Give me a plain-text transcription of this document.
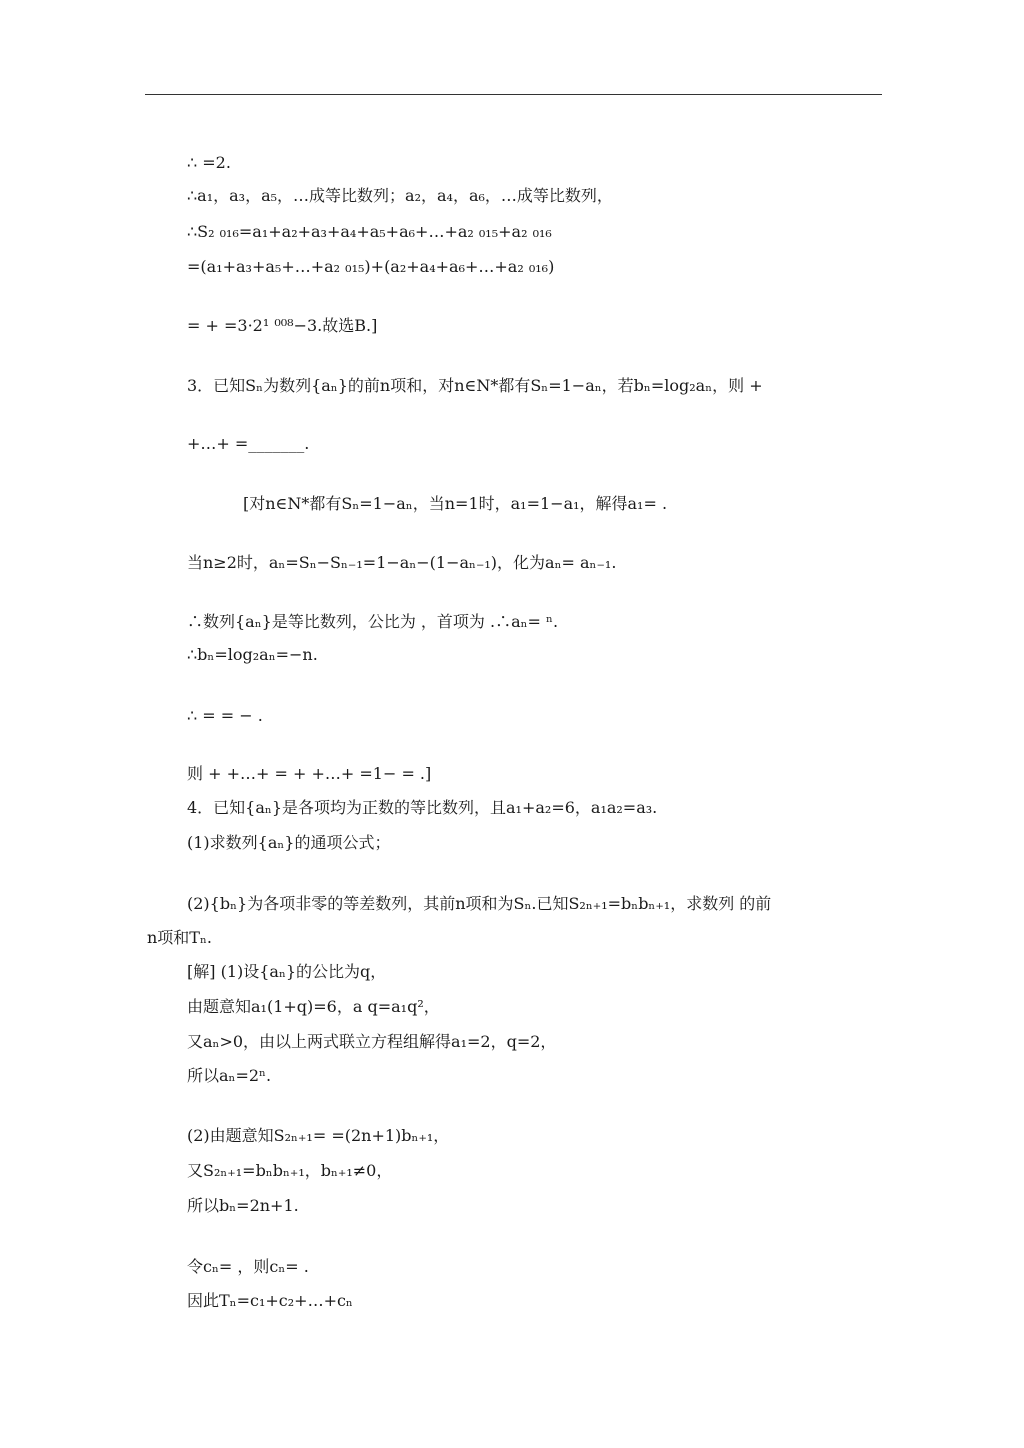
∴ =2.
∴a₁，a₃，a₅，…成等比数列；a₂，a₄，a₆，…成等比数列，
∴S₂ ₀₁₆=a₁+a₂+a₃+a₄+a₅+a₆+…+a₂ ₀₁₅+a₂ ₀₁₆
=(a₁+a₃+a₅+…+a₂ ₀₁₅)+(a₂+a₄+a₆+…+a₂ ₀₁₆)
= + =3·2¹ ⁰⁰⁸−3.故选B.]
3．已知Sₙ为数列{aₙ}的前n项和，对n∈N*都有Sₙ=1−aₙ，若bₙ=log₂aₙ，则 +
+…+ =_______.
[对n∈N*都有Sₙ=1−aₙ，当n=1时，a₁=1−a₁，解得a₁= .
当n≥2时，aₙ=Sₙ−Sₙ₋₁=1−aₙ−(1−aₙ₋₁)，化为aₙ= aₙ₋₁.
∴数列{aₙ}是等比数列，公比为 ，首项为 .∴aₙ= ⁿ.
∴bₙ=log₂aₙ=−n.
∴ = = − .
则 + +…+ = + +…+ =1− = .]
4．已知{aₙ}是各项均为正数的等比数列，且a₁+a₂=6，a₁a₂=a₃.
(1)求数列{aₙ}的通项公式；
(2){bₙ}为各项非零的等差数列，其前n项和为Sₙ.已知S₂ₙ₊₁=bₙbₙ₊₁，求数列 的前
n项和Tₙ.
[解] (1)设{aₙ}的公比为q，
由题意知a₁(1+q)=6，a q=a₁q²，
又aₙ>0，由以上两式联立方程组解得a₁=2，q=2，
所以aₙ=2ⁿ.
(2)由题意知S₂ₙ₊₁= =(2n+1)bₙ₊₁，
又S₂ₙ₊₁=bₙbₙ₊₁，bₙ₊₁≠0，
所以bₙ=2n+1.
令cₙ= ，则cₙ= .
因此Tₙ=c₁+c₂+…+cₙ
